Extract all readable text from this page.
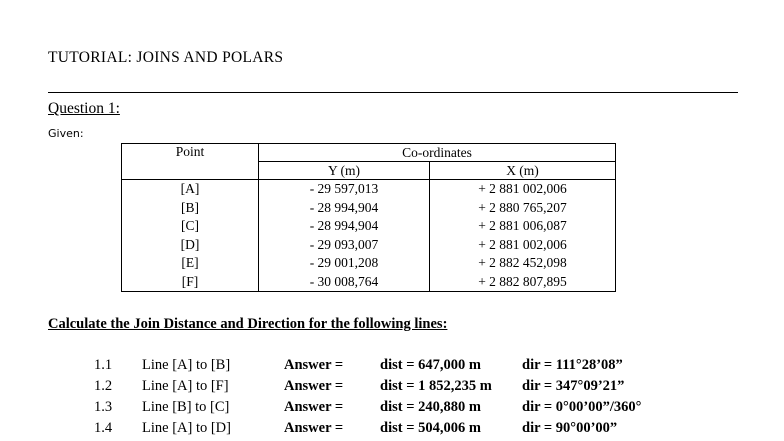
TUTORIAL: JOINS AND POLARS
Question 1:
Given:
Point	Co-ordinates	
	Y (m)	X (m)
[A]	- 29 597,013	+ 2 881 002,006
[B]	- 28 994,904	+ 2 880 765,207
[C]	- 28 994,904	+ 2 881 006,087
[D]	- 29 093,007	+ 2 881 002,006
[E]	- 29 001,208	+ 2 882 452,098
[F]	- 30 008,764	+ 2 882 807,895
Calculate the Join Distance and Direction for the following lines:
1.1 Line [A] to [B]	Answer =	dist = 647,000 m	dir = 111°28’08”
1.2 Line [A] to [F]	Answer =	dist = 1 852,235 m dir = 347°09’21”
1.3 Line [B] to [C]	Answer =	dist = 240,880 m	dir = 0°00’00”/360°
1.4 Line [A] to [D]	Answer =	dist = 504,006 m	dir = 90°00’00”
